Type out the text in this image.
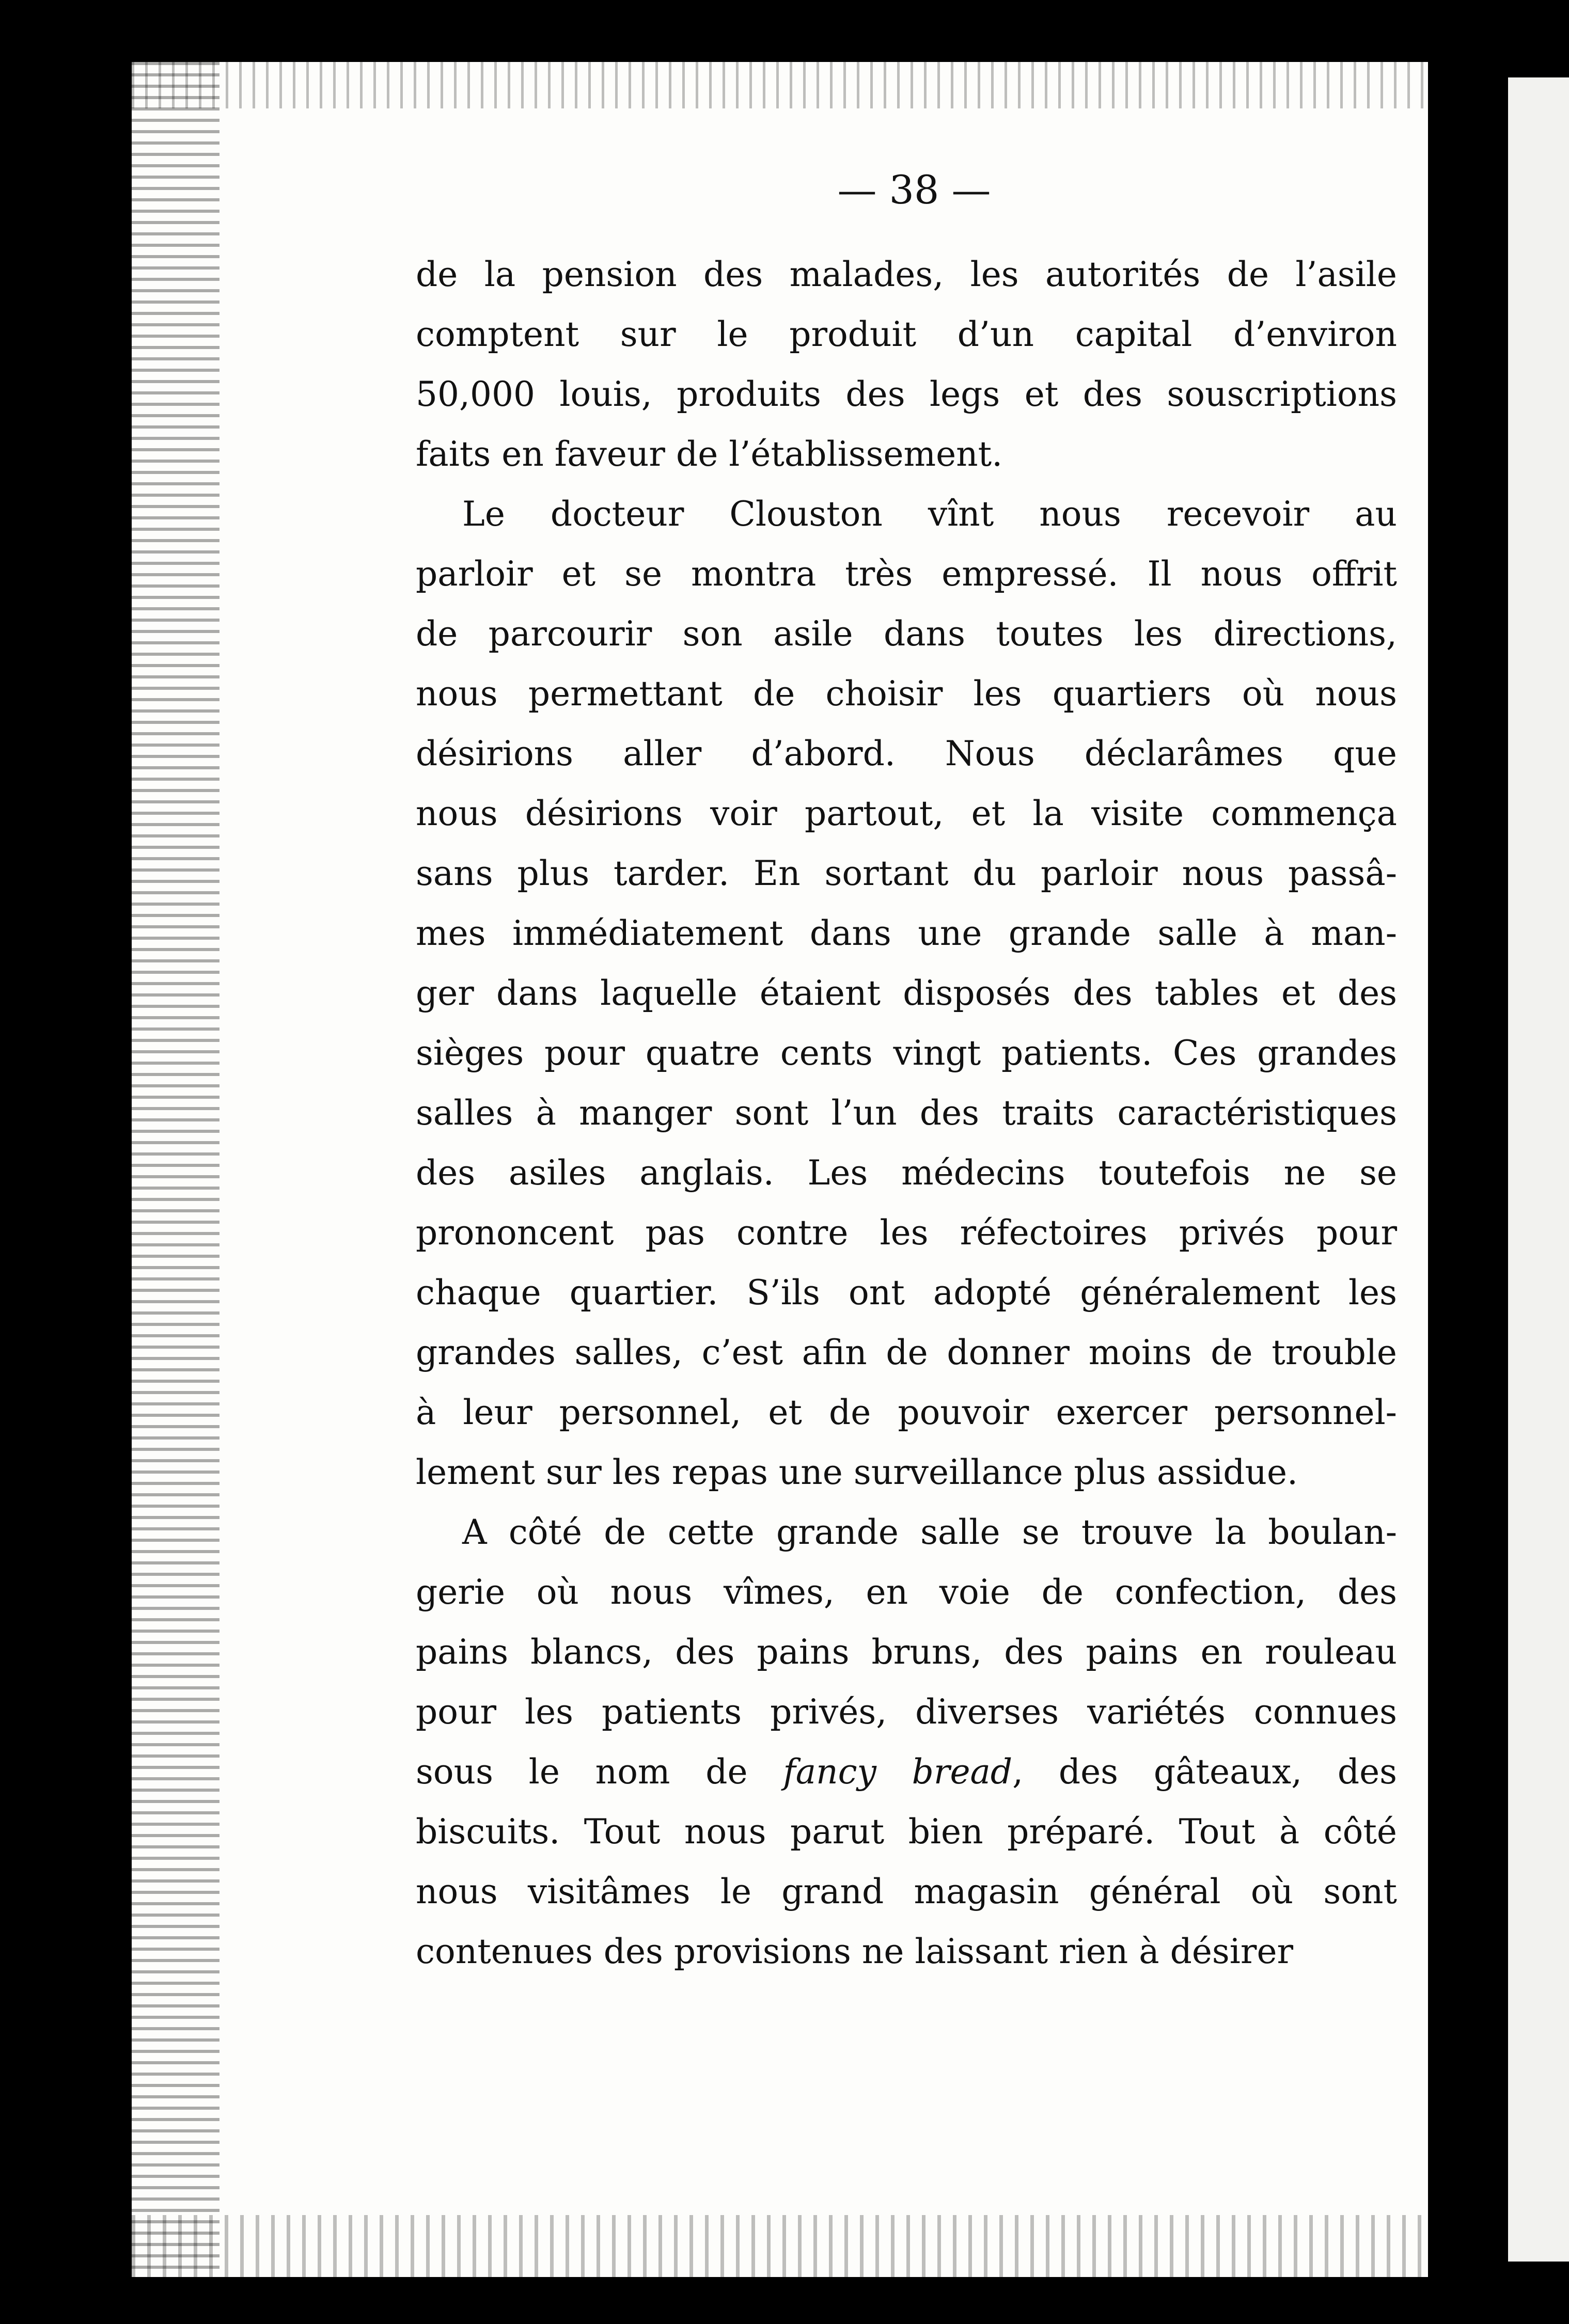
— 38 —
de la pension des malades, les autorités de l’asile
comptent sur le produit d’un capital d’environ
50,000 louis, produits des legs et des souscriptions
faits en faveur de l’établissement.
Le docteur Clouston vînt nous recevoir au
parloir et se montra très empressé. Il nous offrit
de parcourir son asile dans toutes les directions,
nous permettant de choisir les quartiers où nous
désirions aller d’abord. Nous déclarâmes que
nous désirions voir partout, et la visite commença
sans plus tarder. En sortant du parloir nous passâ-
mes immédiatement dans une grande salle à man-
ger dans laquelle étaient disposés des tables et des
sièges pour quatre cents vingt patients. Ces grandes
salles à manger sont l’un des traits caractéristiques
des asiles anglais. Les médecins toutefois ne se
prononcent pas contre les réfectoires privés pour
chaque quartier. S’ils ont adopté généralement les
grandes salles, c’est afin de donner moins de trouble
à leur personnel, et de pouvoir exercer personnel-
lement sur les repas une surveillance plus assidue.
A côté de cette grande salle se trouve la boulan-
gerie où nous vîmes, en voie de confection, des
pains blancs, des pains bruns, des pains en rouleau
pour les patients privés, diverses variétés connues
sous le nom de fancy bread, des gâteaux, des
biscuits. Tout nous parut bien préparé. Tout à côté
nous visitâmes le grand magasin général où sont
contenues des provisions ne laissant rien à désirer
